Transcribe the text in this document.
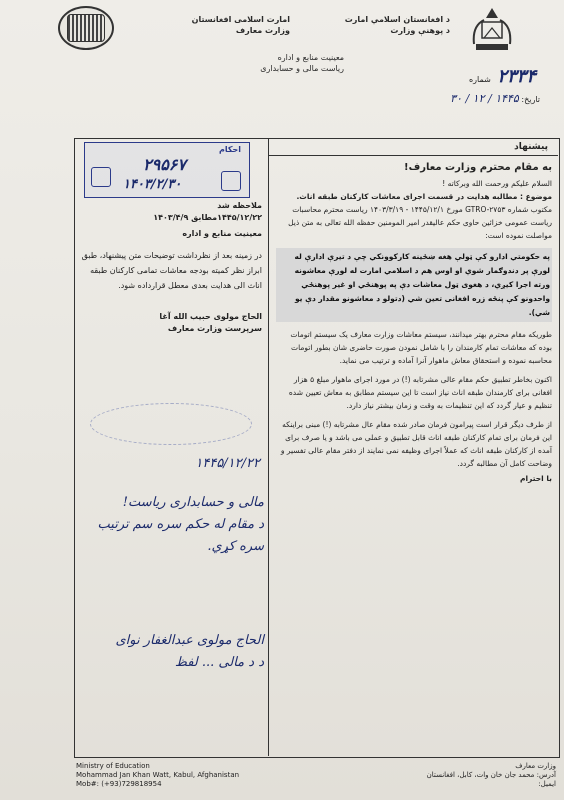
امارت اسلامی افغانستان
وزارت معارف
معینیت منابع و اداره
ریاست مالی و حسابداری
د افغانستان اسلامي امارت
د پوهنې وزارت
۲۳۳۴ شماره
تاریخ: ۱۴۴۵ / ۱۲ / ۳۰
پیشنهاد
احکام
۲۹۵۶۷
۱۴۰۳/۲/۳۰
ملاحظه شد
۱۴۴۵/۱۲/۲۲مطابق ۱۴۰۳/۴/۹
معینیت منابع و اداره
در زمینه بعد از نظرداشت توضیحات متن پیشنهاد، طبق ابراز نظر کمیته بودجه معاشات تمامی کارکنان طبقه اناث الی هدایت بعدی معطل قرارداده شود.
الحاج مولوی حبیب الله آغا
سرپرست وزارت معارف
۱۴۴۵/۱۲/۲۲
مالی و حسابداری ریاست!
د مقام له حکم سره سم ترتیب
سره کړي.
الحاج مولوی عبدالغفار نوای
د د مالی ... لفظ
به مقام محترم وزارت معارف!
السلام علیکم ورحمت الله وبرکاته !
موضوع : مطالبه هدایت در قسمت اجرای معاشات کارکنان طبقه اناث.
مکتوب شماره GTRO-۲۷۵۳ مورخ ۱۴۴۵/۱۲/۱ - ۱۴۰۳/۳/۱۹ ریاست محترم محاسبات ریاست عمومی خزائین حاوی حکم عالیقدر امیر المومنین حفظه الله تعالی به متن ذیل مواصلت نموده است:
په حکومتي ادارو کې ټولې هغه ښځينه کارکوونکي چې د تیرې ادارې له لورې پر دندوګمار شوي او اوس هم د اسلامي امارت له لورې معاشونه ورته اجرا کیږي، د هغوی ټول معاشات دې په پوهنځي او غیر پوهنځي واحدونو کې پنځه زره افغانی تعین شي (دتولو د معاشونو مقدار دې یو شي).
طوریکه مقام محترم بهتر میدانند، سیستم معاشات وزارت معارف یک سیستم اتومات بوده که معاشات تمام کارمندان را با شامل نمودن صورت حاضری شان بطور اتومات محاسبه نموده و استحقاق معاش ماهوار آنرا آماده و ترتیب می نماید.
اکنون بخاطر تطبیق حکم مقام عالی مشرتابه (!) در مورد اجرای ماهوار مبلغ ۵ هزار افغانی برای کارمندان طبقه اناث نیاز است تا این سیستم مطابق به معاش تعیین شده تنظیم و عیار گردد که این تنظیمات به وقت و زمان بیشتر نیاز دارد.
از طرف دیگر قرار است پیرامون فرمان صادر شده مقام عال مشرتابه (!) مبنی براینکه این فرمان برای تمام کارکنان طبقه اناث قابل تطبیق و عملی می باشد و یا صرف برای آمده از کارکنان طبقه اناث که عملاً اجرای وظیفه نمی نمایند از دفتر مقام عالی تفسیر و وضاحت کامل آن مطالبه گردد.
با احترام
Ministry of Education
Mohammad Jan Khan Watt, Kabul, Afghanistan
Mob#: (+93)729818954
وزارت معارف
آدرس: محمد جان خان وات، کابل، افغانستان
ایمیل:
